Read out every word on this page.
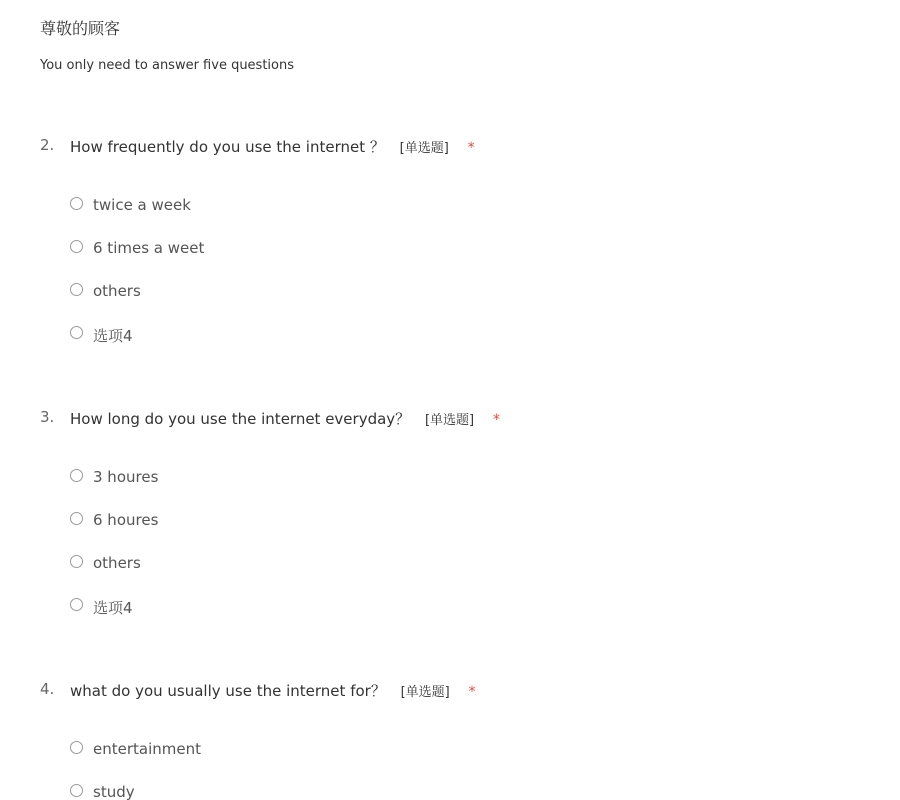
尊敬的顾客
You only need to answer five questions
2. How frequently do you use the internet ？ [单选题] *
twice a week
6 times a weet
others
选项4
3. How long do you use the internet everyday？ [单选题] *
3 houres
6 houres
others
选项4
4. what do you usually use the internet for？ [单选题] *
entertainment
study
